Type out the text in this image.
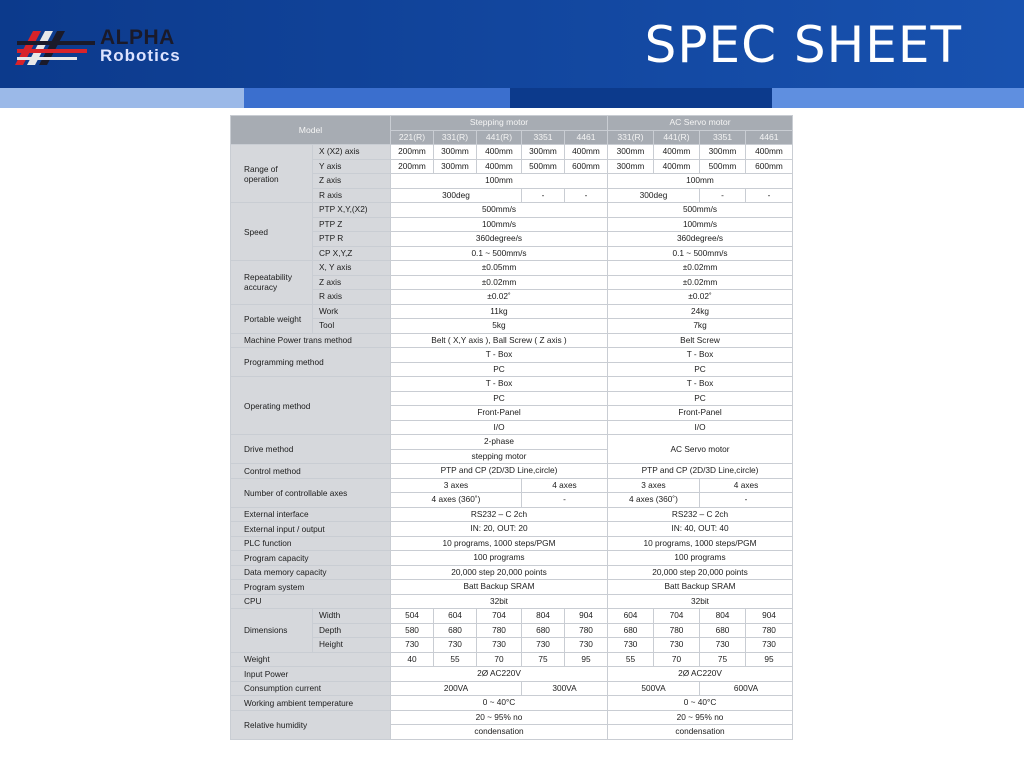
ALPHA
Robotics	SPEC SHEET
Model		Stepping motor					AC Servo motor			
		221(R)	331(R)	441(R)	3351	4461	331(R)	441(R)	3351	4461
Range of operation	X (X2) axis	200mm	300mm	400mm	300mm	400mm	300mm	400mm	300mm	400mm
	Y axis	200mm	300mm	400mm	500mm	600mm	300mm	400mm	500mm	600mm
	Z axis	100mm					100mm			
	R axis	300deg			-	-	300deg		-	-
Speed	PTP X,Y,(X2)	500mm/s					500mm/s			
	PTP Z	100mm/s					100mm/s			
	PTP R	360degree/s					360degree/s			
	CP X,Y,Z	0.1 ~ 500mm/s					0.1 ~ 500mm/s			
Repeatability accuracy	X, Y axis	±0.05mm					±0.02mm			
	Z axis	±0.02mm					±0.02mm			
	R axis	±0.02˚					±0.02˚			
Portable weight	Work	11kg					24kg			
	Tool	5kg					7kg			
Machine Power trans method		Belt ( X,Y axis ), Ball Screw ( Z axis )					Belt Screw			
Programming method		T - Box					T - Box			
		PC					PC			
Operating method		T - Box					T - Box			
		PC					PC			
		Front-Panel					Front-Panel			
		I/O					I/O			
Drive method		2-phase					AC Servo motor			
		stepping motor								
Control method		PTP and CP (2D/3D Line,circle)					PTP and CP (2D/3D Line,circle)			
Number of controllable axes		3 axes			4 axes		3 axes		4 axes	
		4 axes (360˚)			-		4 axes (360˚)		-	
External interface		RS232 – C 2ch					RS232 – C 2ch			
External input / output		IN: 20, OUT: 20					IN: 40, OUT: 40			
PLC function		10 programs, 1000 steps/PGM					10 programs, 1000 steps/PGM			
Program capacity		100 programs					100 programs			
Data memory capacity		20,000 step 20,000 points					20,000 step 20,000 points			
Program system		Batt Backup SRAM					Batt Backup SRAM			
CPU		32bit					32bit			
Dimensions	Width	504	604	704	804	904	604	704	804	904
	Depth	580	680	780	680	780	680	780	680	780
	Height	730	730	730	730	730	730	730	730	730
Weight		40	55	70	75	95	55	70	75	95
Input Power		2Ø AC220V					2Ø AC220V			
Consumption current		200VA			300VA		500VA		600VA	
Working ambient temperature		0 ~ 40°C					0 ~ 40°C			
Relative humidity		20 ~ 95% no					20 ~ 95% no			
		condensation					condensation			
